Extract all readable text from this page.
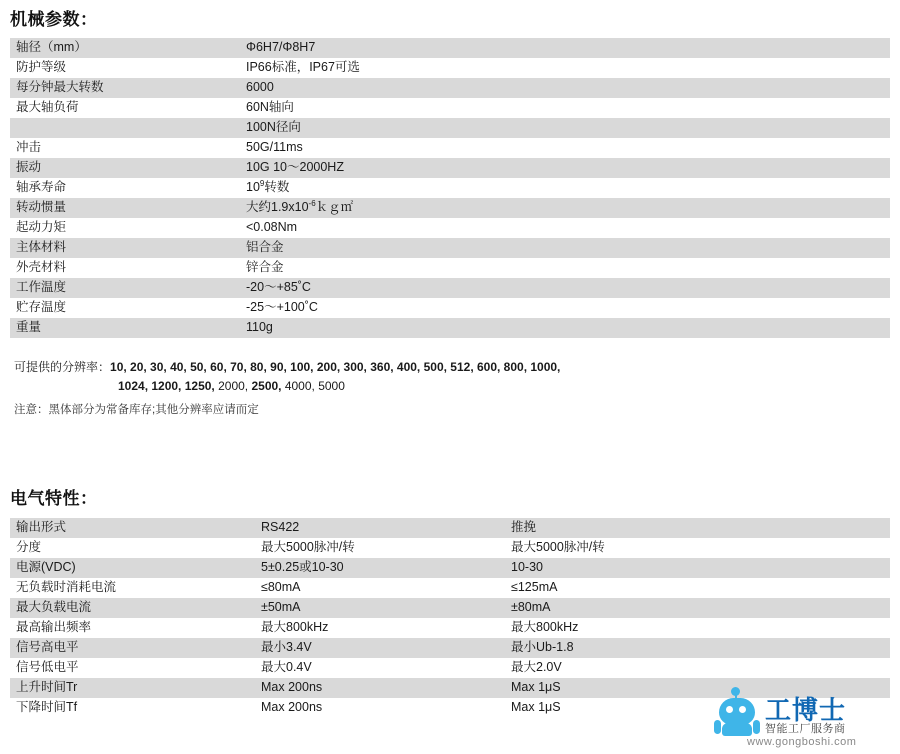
机械参数：
轴径（mm）	Φ6H7/Φ8H7
防护等级	IP66标准，IP67可选
每分钟最大转数	6000
最大轴负荷	60N轴向
	100N径向
冲击	50G/11ms
振动	10G 10～2000HZ
轴承寿命	$10^9$转数
转动惯量	大约$1.9x10^{-6}kg㎡$
起动力矩	<0.08Nm
主体材料	铝合金
外壳材料	锌合金
工作温度	-20～+85˚C
贮存温度	-25～+100˚C
重量	110g
可提供的分辨率：10, 20, 30, 40, 50, 60, 70, 80, 90, 100, 200, 300, 360, 400, 500, 512, 600, 800, 1000,
1024, 1200, 1250, 2000, 2500, 4000, 5000
注意：黑体部分为常备库存;其他分辨率应请而定
电气特性：
输出形式	RS422	推挽
分度	最大5000脉冲/转	最大5000脉冲/转
电源(VDC)	5±0.25或10-30	10-30
无负载时消耗电流	≤80mA	≤125mA
最大负载电流	±50mA	±80mA
最高输出频率	最大800kHz	最大800kHz
信号高电平	最小3.4V	最小Ub-1.8
信号低电平	最大0.4V	最大2.0V
上升时间Tr	Max 200ns	Max 1μS
下降时间Tf	Max 200ns	Max 1μS	工博士
智能工厂服务商
www.gongboshi.com
